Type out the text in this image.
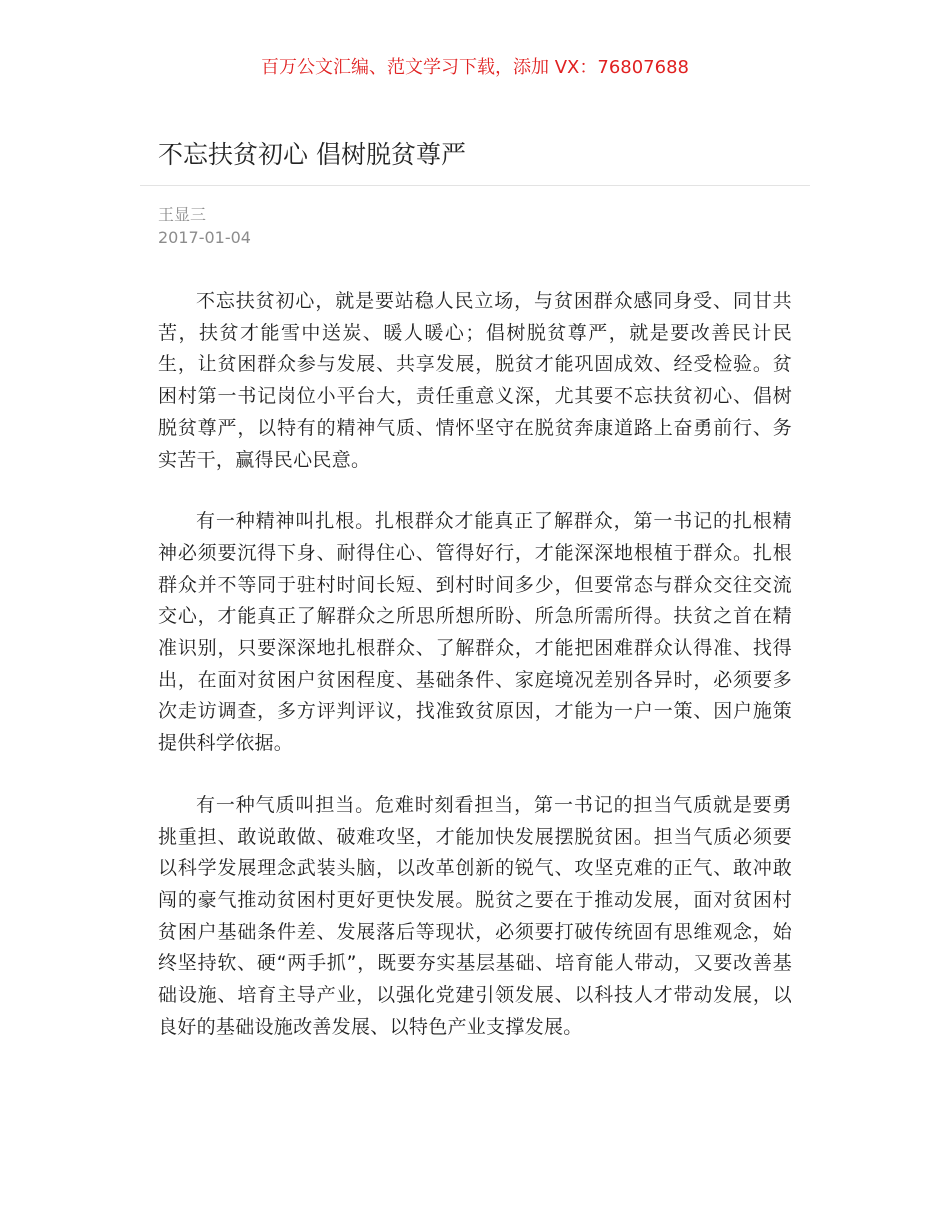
百万公文汇编、范文学习下载，添加 VX：76807688
不忘扶贫初心 倡树脱贫尊严
王显三
2017-01-04

不忘扶贫初心，就是要站稳人民立场，与贫困群众感同身受、同甘共苦，扶贫才能雪中送炭、暖人暖心；倡树脱贫尊严，就是要改善民计民生，让贫困群众参与发展、共享发展，脱贫才能巩固成效、经受检验。贫困村第一书记岗位小平台大，责任重意义深，尤其要不忘扶贫初心、倡树脱贫尊严，以特有的精神气质、情怀坚守在脱贫奔康道路上奋勇前行、务实苦干，赢得民心民意。

有一种精神叫扎根。扎根群众才能真正了解群众，第一书记的扎根精神必须要沉得下身、耐得住心、管得好行，才能深深地根植于群众。扎根群众并不等同于驻村时间长短、到村时间多少，但要常态与群众交往交流交心，才能真正了解群众之所思所想所盼、所急所需所得。扶贫之首在精准识别，只要深深地扎根群众、了解群众，才能把困难群众认得准、找得出，在面对贫困户贫困程度、基础条件、家庭境况差别各异时，必须要多次走访调查，多方评判评议，找准致贫原因，才能为一户一策、因户施策提供科学依据。

有一种气质叫担当。危难时刻看担当，第一书记的担当气质就是要勇挑重担、敢说敢做、破难攻坚，才能加快发展摆脱贫困。担当气质必须要以科学发展理念武装头脑，以改革创新的锐气、攻坚克难的正气、敢冲敢闯的豪气推动贫困村更好更快发展。脱贫之要在于推动发展，面对贫困村贫困户基础条件差、发展落后等现状，必须要打破传统固有思维观念，始终坚持软、硬“两手抓”，既要夯实基层基础、培育能人带动，又要改善基础设施、培育主导产业，以强化党建引领发展、以科技人才带动发展，以良好的基础设施改善发展、以特色产业支撑发展。
